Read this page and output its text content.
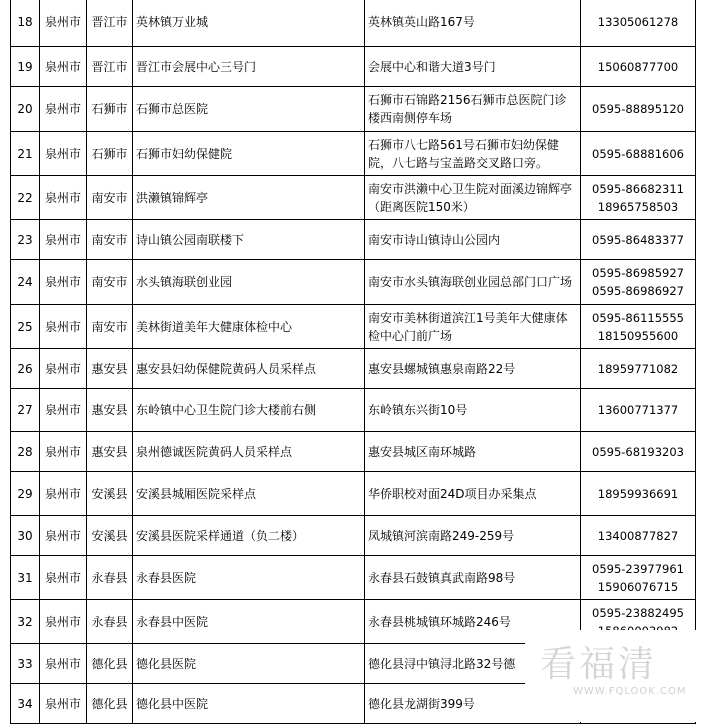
18	泉州市	晋江市	英林镇万业城	英林镇英山路167号	13305061278

19	泉州市	晋江市	晋江市会展中心三号门	会展中心和谐大道3号门	15060877700

20	泉州市	石狮市	石狮市总医院	石狮市石锦路2156石狮市总医院门诊楼西南侧停车场	0595-88895120

21	泉州市	石狮市	石狮市妇幼保健院	石狮市八七路561号石狮市妇幼保健院，八七路与宝盖路交叉路口旁。	0595-68881606

22	泉州市	南安市	洪濑镇锦辉亭	南安市洪濑中心卫生院对面溪边锦辉亭（距离医院150米）	0595-86682311
18965758503

23	泉州市	南安市	诗山镇公园南联楼下	南安市诗山镇诗山公园内	0595-86483377

24	泉州市	南安市	水头镇海联创业园	南安市水头镇海联创业园总部门口广场	0595-86985927
0595-86986927

25	泉州市	南安市	美林街道美年大健康体检中心	南安市美林街道滨江1号美年大健康体检中心门前广场	0595-86115555
18150955600

26	泉州市	惠安县	惠安县妇幼保健院黄码人员采样点	惠安县螺城镇惠泉南路22号	18959771082

27	泉州市	惠安县	东岭镇中心卫生院门诊大楼前右侧	东岭镇东兴街10号	13600771377

28	泉州市	惠安县	泉州德诚医院黄码人员采样点	惠安县城区南环城路	0595-68193203

29	泉州市	安溪县	安溪县城厢医院采样点	华侨职校对面24D项目办采集点	18959936691

30	泉州市	安溪县	安溪县医院采样通道（负二楼）	凤城镇河滨南路249-259号	13400877827

31	泉州市	永春县	永春县医院	永春县石鼓镇真武南路98号	0595-23977961
15906076715

32	泉州市	永春县	永春县中医院	永春县桃城镇环城路246号	0595-23882495

33	泉州市	德化县	德化县医院	德化县浔中镇浔北路32号德	

34	泉州市	德化县	德化县中医院	德化县龙湖街399号	
看福清
WWW.FQLOOK.COM
